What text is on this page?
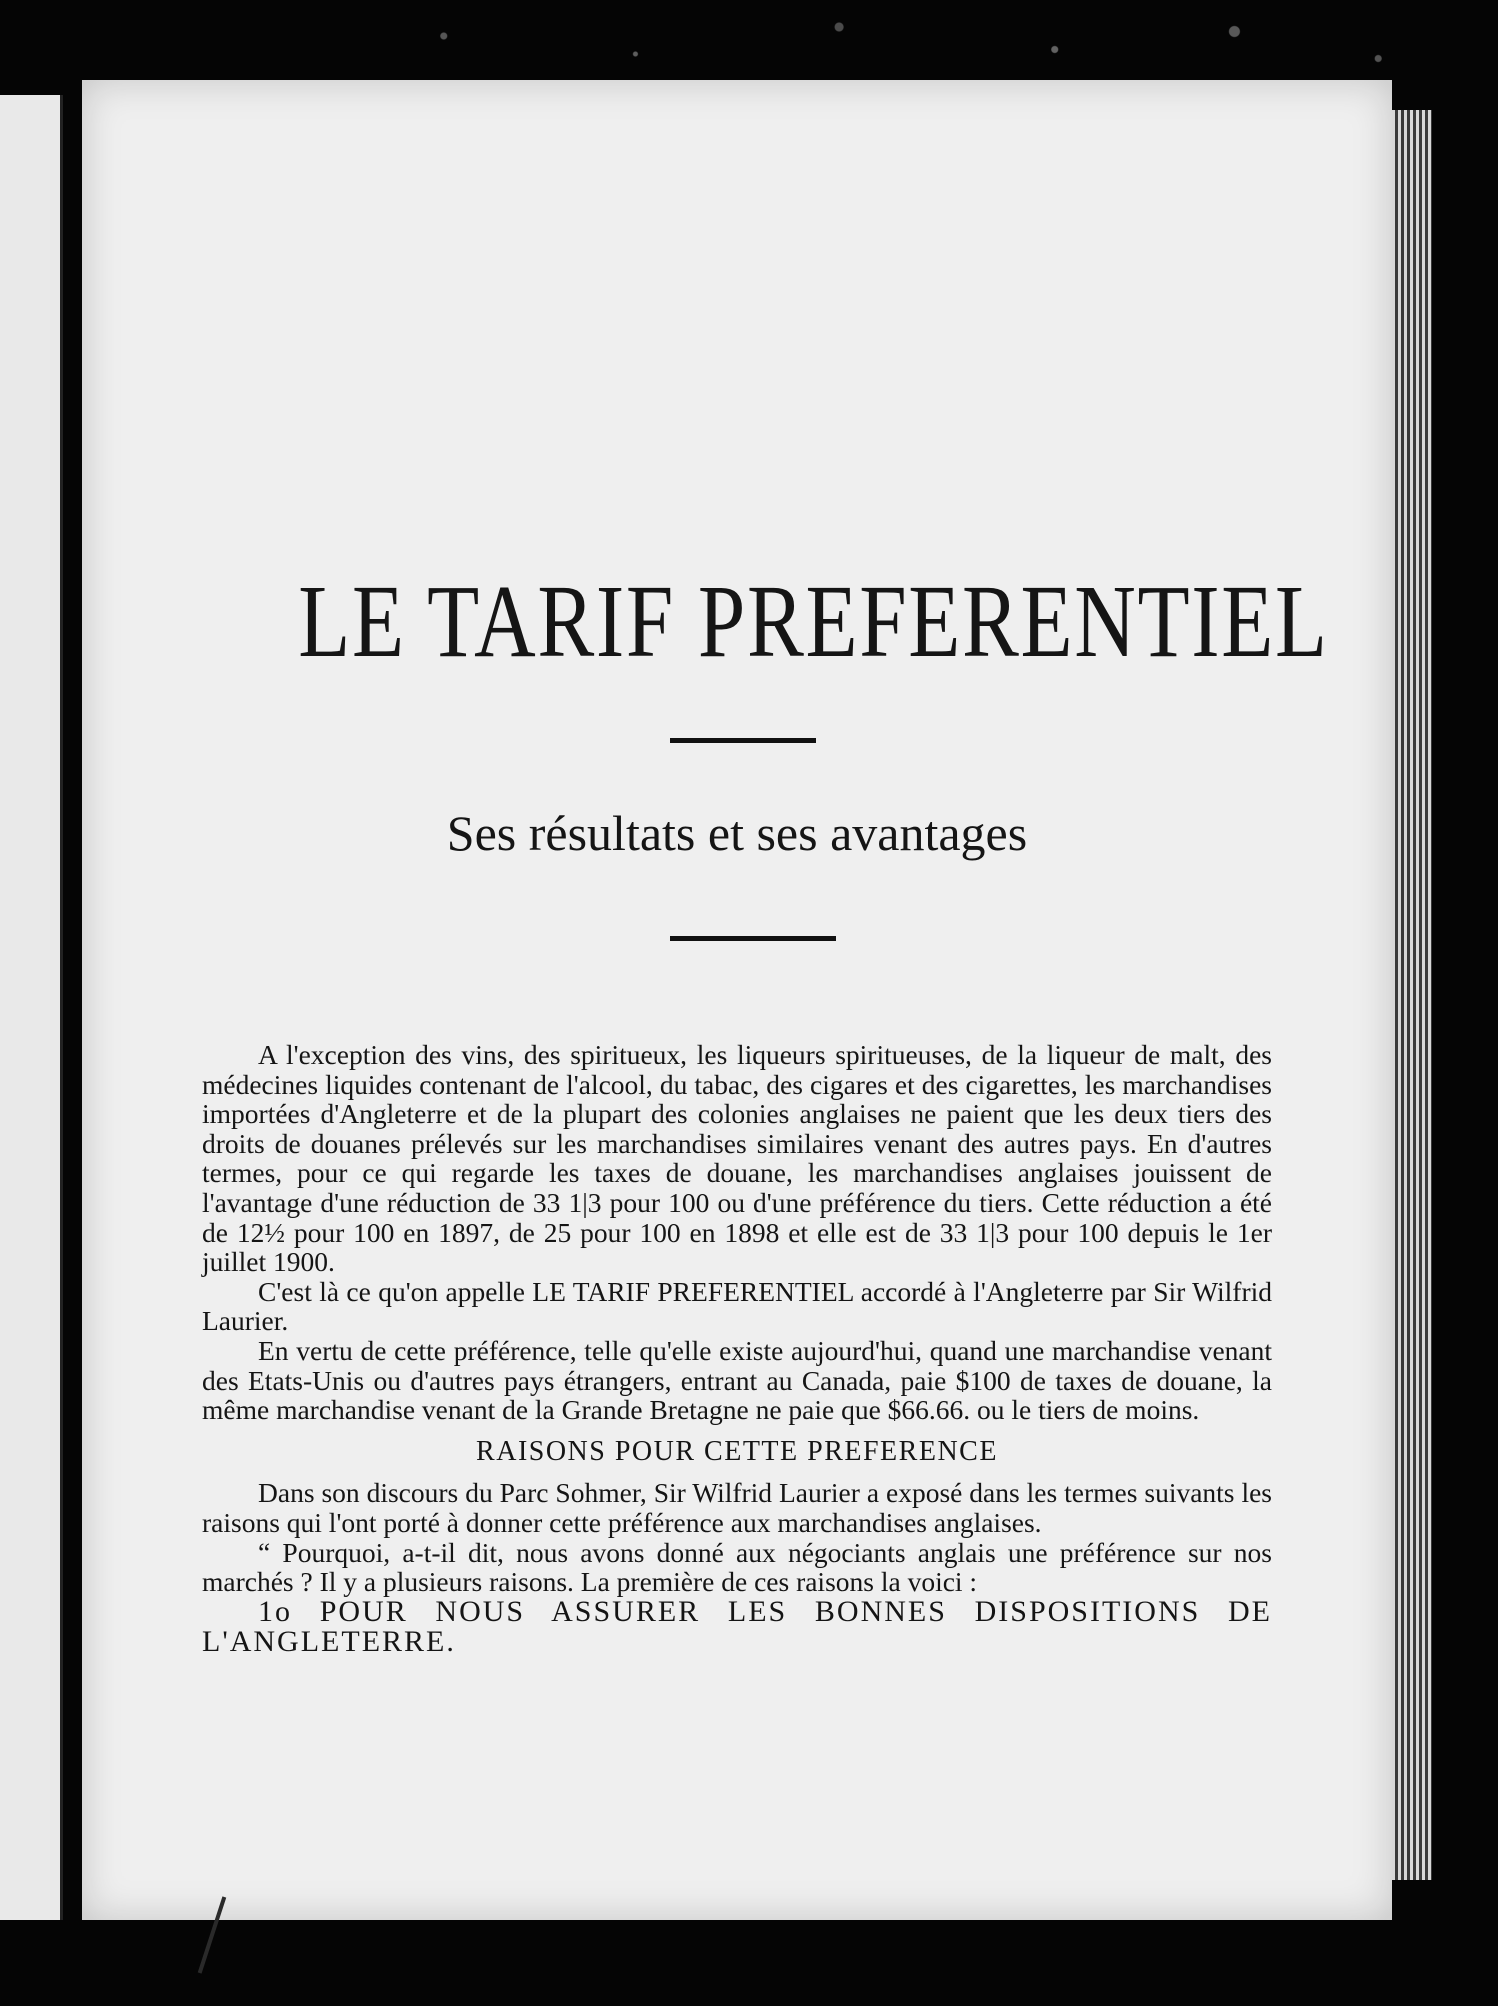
LE TARIF PREFERENTIEL
Ses résultats et ses avantages

A l'exception des vins, des spiritueux, les liqueurs spiritueuses, de la liqueur de malt, des médecines liquides contenant de l'alcool, du tabac, des cigares et des cigarettes, les marchandises importées d'Angleterre et de la plupart des colonies anglaises ne paient que les deux tiers des droits de douanes prélevés sur les marchandises similaires venant des autres pays. En d'autres termes, pour ce qui regarde les taxes de douane, les marchandises anglaises jouissent de l'avantage d'une réduction de 33 1|3 pour 100 ou d'une préférence du tiers. Cette réduction a été de 12½ pour 100 en 1897, de 25 pour 100 en 1898 et elle est de 33 1|3 pour 100 depuis le 1er juillet 1900.

C'est là ce qu'on appelle LE TARIF PREFERENTIEL accordé à l'Angleterre par Sir Wilfrid Laurier.

En vertu de cette préférence, telle qu'elle existe aujourd'hui, quand une marchandise venant des Etats-Unis ou d'autres pays étrangers, entrant au Canada, paie $100 de taxes de douane, la même marchandise venant de la Grande Bretagne ne paie que $66.66. ou le tiers de moins.

RAISONS POUR CETTE PREFERENCE

Dans son discours du Parc Sohmer, Sir Wilfrid Laurier a exposé dans les termes suivants les raisons qui l'ont porté à donner cette préférence aux marchandises anglaises.

“ Pourquoi, a-t-il dit, nous avons donné aux négociants anglais une préférence sur nos marchés ? Il y a plusieurs raisons. La première de ces raisons la voici :

1o POUR NOUS ASSURER LES BONNES DISPOSITIONS DE L'ANGLETERRE.
